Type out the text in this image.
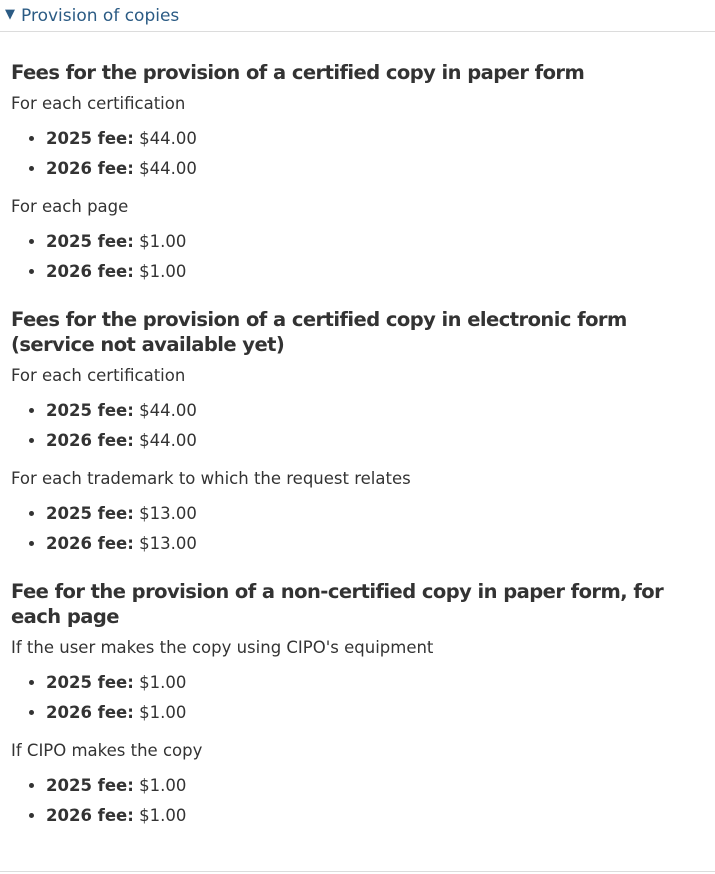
▼ Provision of copies
Fees for the provision of a certified copy in paper form

For each certification

• 2025 fee: $44.00
• 2026 fee: $44.00

For each page

• 2025 fee: $1.00
• 2026 fee: $1.00
Fees for the provision of a certified copy in electronic form (service not available yet)

For each certification

• 2025 fee: $44.00
• 2026 fee: $44.00

For each trademark to which the request relates

• 2025 fee: $13.00
• 2026 fee: $13.00
Fee for the provision of a non-certified copy in paper form, for each page

If the user makes the copy using CIPO's equipment

• 2025 fee: $1.00
• 2026 fee: $1.00

If CIPO makes the copy

• 2025 fee: $1.00
• 2026 fee: $1.00
